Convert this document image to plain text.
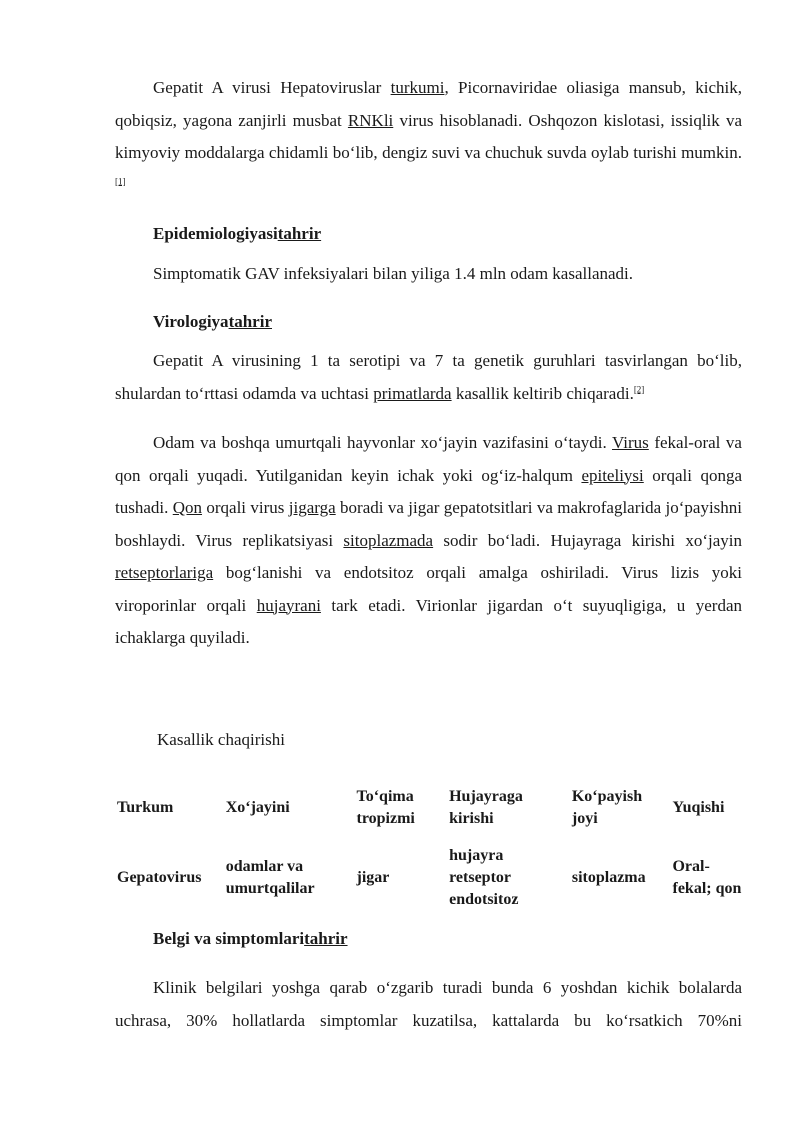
Gepatit A virusi Hepatoviruslar turkumi, Picornaviridae oliasiga mansub, kichik, qobiqsiz, yagona zanjirli musbat RNKli virus hisoblanadi. Oshqozon kislotasi, issiqlik va kimyoviy moddalarga chidamli bo‘lib, dengiz suvi va chuchuk suvda oylab turishi mumkin.[1]

Epidemiologiyasitahrir

Simptomatik GAV infeksiyalari bilan yiliga 1.4 mln odam kasallanadi.

Virologiyatahrir

Gepatit A virusining 1 ta serotipi va 7 ta genetik guruhlari tasvirlangan bo‘lib, shulardan to‘rttasi odamda va uchtasi primatlarda kasallik keltirib chiqaradi.[2]

Odam va boshqa umurtqali hayvonlar xo‘jayin vazifasini o‘taydi. Virus fekal-oral va qon orqali yuqadi. Yutilganidan keyin ichak yoki og‘iz-halqum epiteliysi orqali qonga tushadi. Qon orqali virus jigarga boradi va jigar gepatotsitlari va makrofaglarida jo‘payishni boshlaydi. Virus replikatsiyasi sitoplazmada sodir bo‘ladi. Hujayraga kirishi xo‘jayin retseptorlariga bog‘lanishi va endotsitoz orqali amalga oshiriladi. Virus lizis yoki viroporinlar orqali hujayrani tark etadi. Virionlar jigardan o‘t suyuqligiga, u yerdan ichaklarga quyiladi.

Kasallik chaqirishi
Turkum	Xo‘jayini	To‘qima tropizmi	Hujayraga kirishi	Ko‘payish joyi	Yuqishi
Gepatovirus	odamlar va umurtqalilar	jigar	hujayra retseptor endotsitoz	sitoplazma	Oral-fekal; qon

Belgi va simptomlaritahrir

Klinik belgilari yoshga qarab o‘zgarib turadi bunda 6 yoshdan kichik bolalarda uchrasa, 30% hollatlarda simptomlar kuzatilsa, kattalarda bu ko‘rsatkich 70%ni
